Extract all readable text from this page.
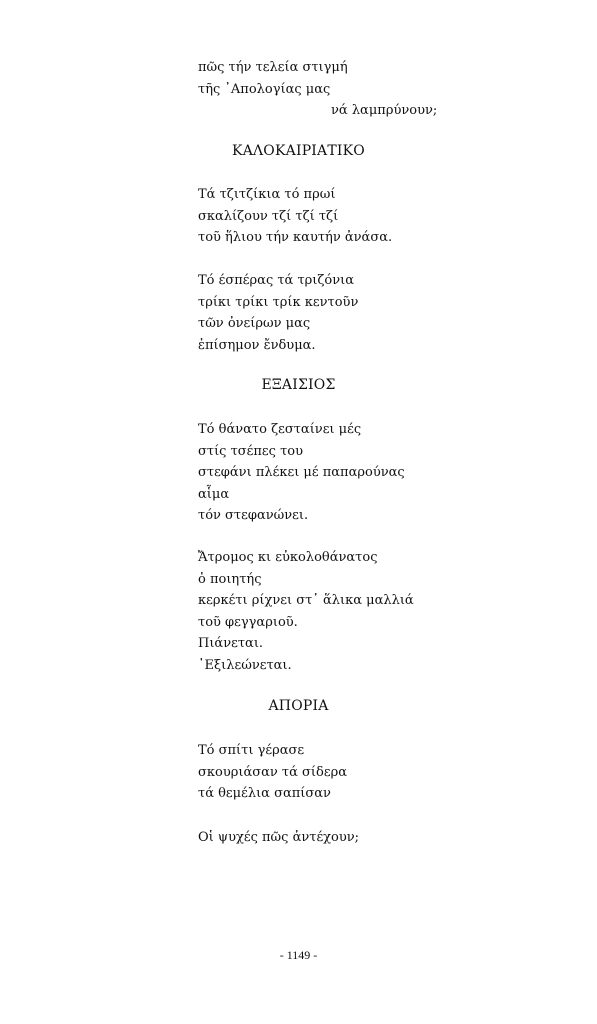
πῶς τήν τελεία στιγμή
τῆς ᾿Απολογίας μας
νά λαμπρύνουν;
ΚΑΛΟΚΑΙΡΙΑΤΙΚΟ
Τά τζιτζίκια τό πρωί
σκαλίζουν τζί τζί τζί
τοῦ ἥλιου τήν καυτήν ἀνάσα.
Τό έσπέρας τά τριζόνια
τρίκι τρίκι τρίκ κεντοῦν
τῶν ὀνείρων μας
ἐπίσημον ἔνδυμα.
ΕΞΑΙΣΙΟΣ
Τό θάνατο ζεσταίνει μές
στίς τσέπες του
στεφάνι πλέκει μέ παπαρούνας
αἷμα
τόν στεφανώνει.
Ἄτρομος κι εὐκολοθάνατος
ὁ ποιητής
κερκέτι ρίχνει στ᾿ ἅλικα μαλλιά
τοῦ φεγγαριοῦ.
Πιάνεται.
᾿Εξιλεώνεται.
ΑΠΟΡΙΑ
Τό σπίτι γέρασε
σκουριάσαν τά σίδερα
τά θεμέλια σαπίσαν
Οἱ ψυχές πῶς ἀντέχουν;
- 1149 -
